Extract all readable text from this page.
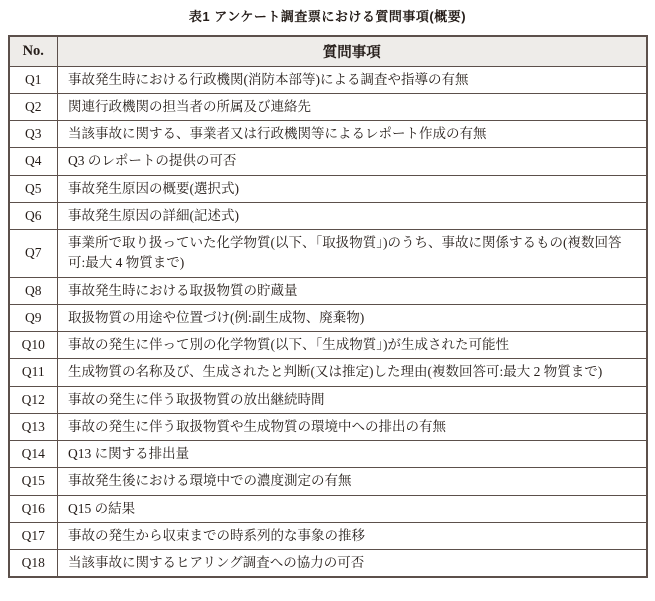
表1 アンケート調査票における質問事項(概要)
No.	質問事項
Q1	事故発生時における行政機関(消防本部等)による調査や指導の有無
Q2	関連行政機関の担当者の所属及び連絡先
Q3	当該事故に関する、事業者又は行政機関等によるレポート作成の有無
Q4	Q3 のレポートの提供の可否
Q5	事故発生原因の概要(選択式)
Q6	事故発生原因の詳細(記述式)
Q7	事業所で取り扱っていた化学物質(以下、「取扱物質」)のうち、事故に関係するもの(複数回答可:最大 4 物質まで)
Q8	事故発生時における取扱物質の貯蔵量
Q9	取扱物質の用途や位置づけ(例:副生成物、廃棄物)
Q10	事故の発生に伴って別の化学物質(以下、「生成物質」)が生成された可能性
Q11	生成物質の名称及び、生成されたと判断(又は推定)した理由(複数回答可:最大 2 物質まで)
Q12	事故の発生に伴う取扱物質の放出継続時間
Q13	事故の発生に伴う取扱物質や生成物質の環境中への排出の有無
Q14	Q13 に関する排出量
Q15	事故発生後における環境中での濃度測定の有無
Q16	Q15 の結果
Q17	事故の発生から収束までの時系列的な事象の推移
Q18	当該事故に関するヒアリング調査への協力の可否
